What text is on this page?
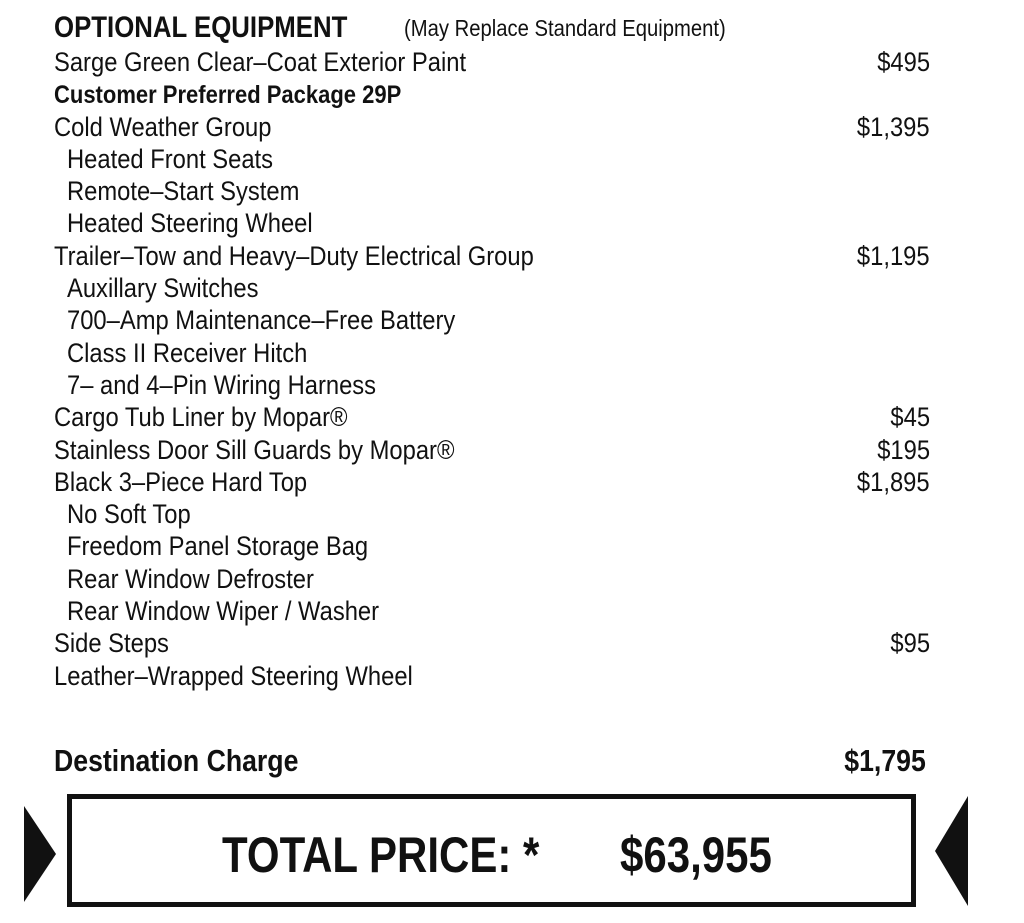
OPTIONAL EQUIPMENT (May Replace Standard Equipment)
Sarge Green Clear–Coat Exterior Paint	$495
Customer Preferred Package 29P
Cold Weather Group	$1,395
Heated Front Seats
Remote–Start System
Heated Steering Wheel
Trailer–Tow and Heavy–Duty Electrical Group	$1,195
Auxillary Switches
700–Amp Maintenance–Free Battery
Class II Receiver Hitch
7– and 4–Pin Wiring Harness
Cargo Tub Liner by Mopar®	$45
Stainless Door Sill Guards by Mopar®	$195
Black 3–Piece Hard Top	$1,895
No Soft Top
Freedom Panel Storage Bag
Rear Window Defroster
Rear Window Wiper / Washer
Side Steps	$95
Leather–Wrapped Steering Wheel
Destination Charge	$1,795
TOTAL PRICE: * $63,955
